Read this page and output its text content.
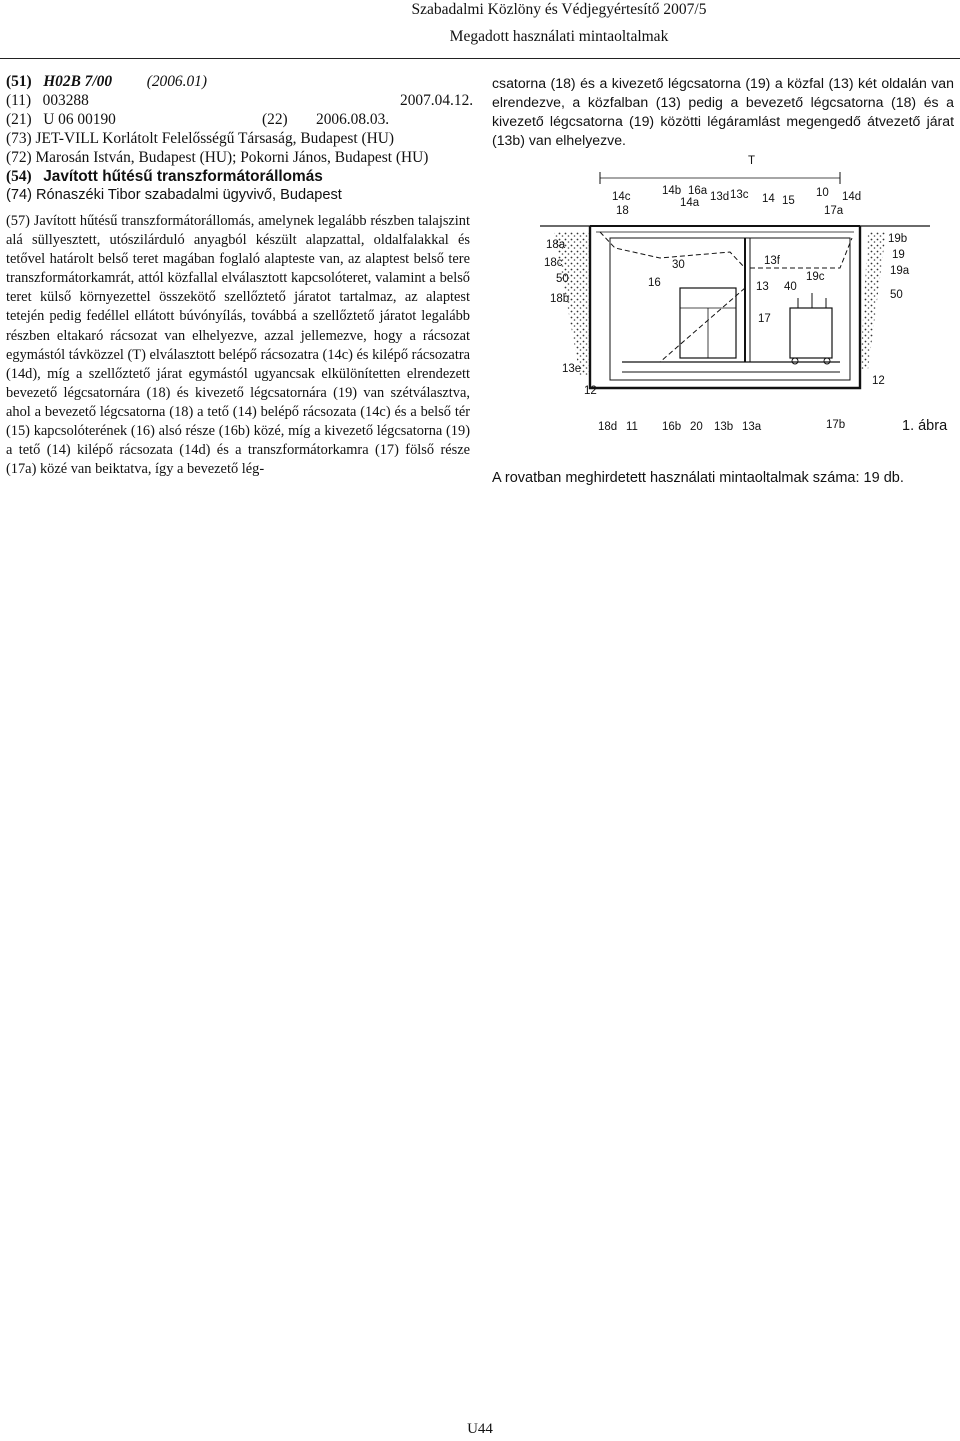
Szabadalmi Közlöny és Védjegyértesítő 2007/5
Megadott használati mintaoltalmak
(51) H02B 7/00 (2006.01)
(11) 003288	2007.04.12.
(21) U 06 00190	(22) 2006.08.03.
(73) JET-VILL Korlátolt Felelősségű Társaság, Budapest (HU)
(72) Marosán István, Budapest (HU); Pokorni János, Budapest (HU)
(54) Javított hűtésű transzformátorállomás
(74) Rónaszéki Tibor szabadalmi ügyvivő, Budapest
(57) Javított hűtésű transzformátorállomás, amelynek legalább részben talajszint alá süllyesztett, utószilárduló anyagból készült alapzattal, oldalfalakkal és tetővel határolt belső teret magában foglaló alapteste van, az alaptest belső tere transzformátorkamrát, attól közfallal elválasztott kapcsolóteret, valamint a belső teret külső környezettel összekötő szellőztető járatot tartalmaz, az alaptest tetején pedig fedéllel ellátott búvónyílás, továbbá a szellőztető járatot legalább részben eltakaró rácsozat van elhelyezve, azzal jellemezve, hogy a rácsozat egymástól távközzel (T) elválasztott belépő rácsozatra (14c) és kilépő rácsozatra (14d), míg a szellőztető járat egymástól ugyancsak elkülönítetten elrendezett bevezető légcsatornára (18) és kivezető légcsatornára (19) van szétválasztva, ahol a bevezető légcsatorna (18) a tető (14) belépő rácsozata (14c) és a belső tér (15) kapcsolóterének (16) alsó része (16b) közé, míg a kivezető légcsatorna (19) a tető (14) kilépő rácsozata (14d) és a transzformátorkamra (17) fölső része (17a) közé van beiktatva, így a bevezető lég-
csatorna (18) és a kivezető légcsatorna (19) a közfal (13) két oldalán van elrendezve, a közfalban (13) pedig a bevezető légcsatorna (18) és a kivezető légcsatorna (19) közötti légáramlást megengedő átvezető járat (13b) van elhelyezve.
T
14c
18
14b 16a
14a 13d 13c 14 15
10 14d
17a
18a
18c
50
18b
13e
12
30
16
13f
13 40
19c
17
19b
19
19a
50
12
18d 11 16b 20 13b 13a	17b	1. ábra
A rovatban meghirdetett használati mintaoltalmak száma: 19 db.
U44
